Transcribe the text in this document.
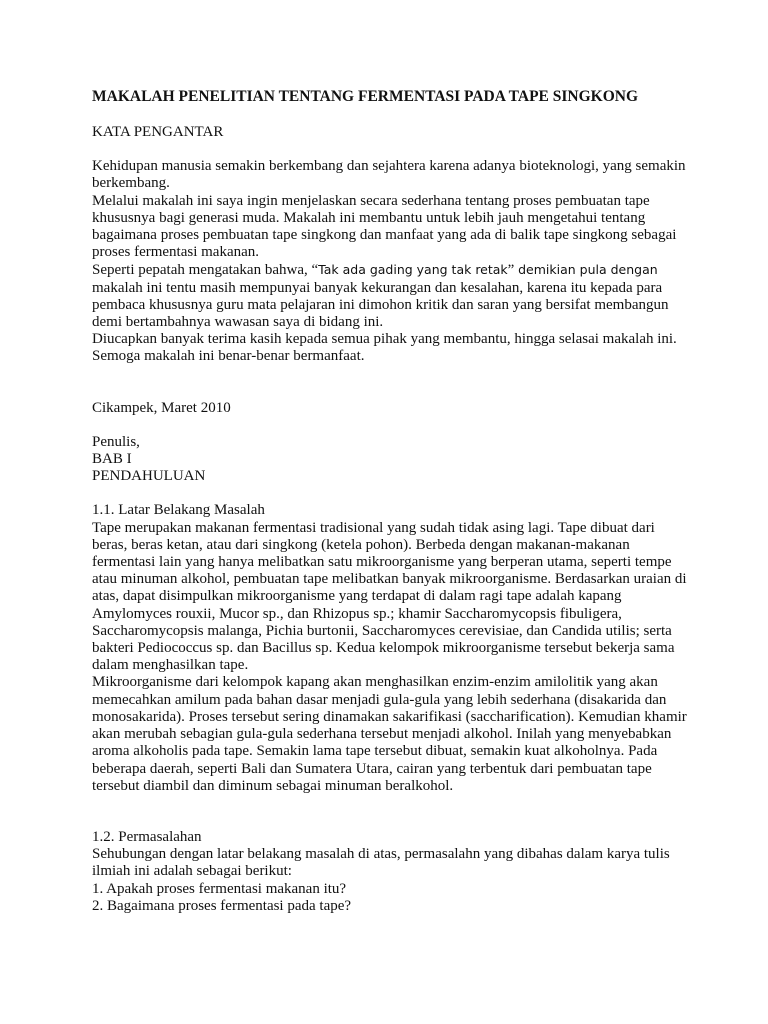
MAKALAH PENELITIAN TENTANG FERMENTASI PADA TAPE SINGKONG

KATA PENGANTAR

Kehidupan manusia semakin berkembang dan sejahtera karena adanya bioteknologi, yang semakin berkembang.

Melalui makalah ini saya ingin menjelaskan secara sederhana tentang proses pembuatan tape khususnya bagi generasi muda. Makalah ini membantu untuk lebih jauh mengetahui tentang bagaimana proses pembuatan tape singkong dan manfaat yang ada di balik tape singkong sebagai proses fermentasi makanan.

Seperti pepatah mengatakan bahwa, “Tak ada gading yang tak retak” demikian pula dengan makalah ini tentu masih mempunyai banyak kekurangan dan kesalahan, karena itu kepada para pembaca khususnya guru mata pelajaran ini dimohon kritik dan saran yang bersifat membangun demi bertambahnya wawasan saya di bidang ini.

Diucapkan banyak terima kasih kepada semua pihak yang membantu, hingga selasai makalah ini. Semoga makalah ini benar-benar bermanfaat.

Cikampek, Maret 2010

Penulis,

BAB I

PENDAHULUAN

1.1. Latar Belakang Masalah

Tape merupakan makanan fermentasi tradisional yang sudah tidak asing lagi. Tape dibuat dari beras, beras ketan, atau dari singkong (ketela pohon). Berbeda dengan makanan-makanan fermentasi lain yang hanya melibatkan satu mikroorganisme yang berperan utama, seperti tempe atau minuman alkohol, pembuatan tape melibatkan banyak mikroorganisme. Berdasarkan uraian di atas, dapat disimpulkan mikroorganisme yang terdapat di dalam ragi tape adalah kapang Amylomyces rouxii, Mucor sp., dan Rhizopus sp.; khamir Saccharomycopsis fibuligera, Saccharomycopsis malanga, Pichia burtonii, Saccharomyces cerevisiae, dan Candida utilis; serta bakteri Pediococcus sp. dan Bacillus sp. Kedua kelompok mikroorganisme tersebut bekerja sama dalam menghasilkan tape.

Mikroorganisme dari kelompok kapang akan menghasilkan enzim-enzim amilolitik yang akan memecahkan amilum pada bahan dasar menjadi gula-gula yang lebih sederhana (disakarida dan monosakarida). Proses tersebut sering dinamakan sakarifikasi (saccharification). Kemudian khamir akan merubah sebagian gula-gula sederhana tersebut menjadi alkohol. Inilah yang menyebabkan aroma alkoholis pada tape. Semakin lama tape tersebut dibuat, semakin kuat alkoholnya. Pada beberapa daerah, seperti Bali dan Sumatera Utara, cairan yang terbentuk dari pembuatan tape tersebut diambil dan diminum sebagai minuman beralkohol.

1.2. Permasalahan

Sehubungan dengan latar belakang masalah di atas, permasalahn yang dibahas dalam karya tulis ilmiah ini adalah sebagai berikut:

1. Apakah proses fermentasi makanan itu?
2. Bagaimana proses fermentasi pada tape?
